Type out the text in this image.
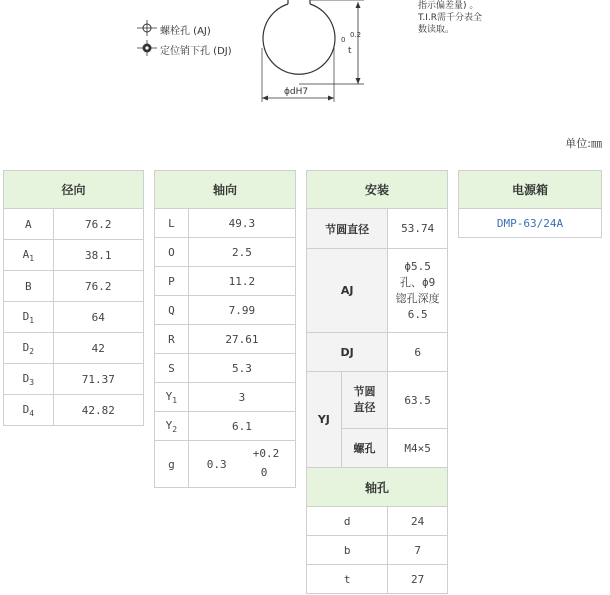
螺栓孔 (AJ)
定位销下孔 (DJ)
ϕdH7
t
0.2
0
指示偏差量) 。
T.I.R需千分表全
数读取。
单位:㎜
径向	
A	76.2
$A_1$	38.1
B	76.2
$D_1$	64
$D_2$	42
$D_3$	71.37
$D_4$	42.82
轴向	
L	49.3
O	2.5
P	11.2
Q	7.99
R	27.61
S	5.3
$Y_1$	3
$Y_2$	6.1
g	0.3
+0.2
0
安装		
节圆直径		53.74
AJ		ϕ5.5
孔、ϕ9
锪孔深度
6.5

DJ		6
YJ	节圆
直径	63.5
	螺孔	M4×5
轴孔		
d		24
b		7
t		27
电源箱
DMP-63/24A
